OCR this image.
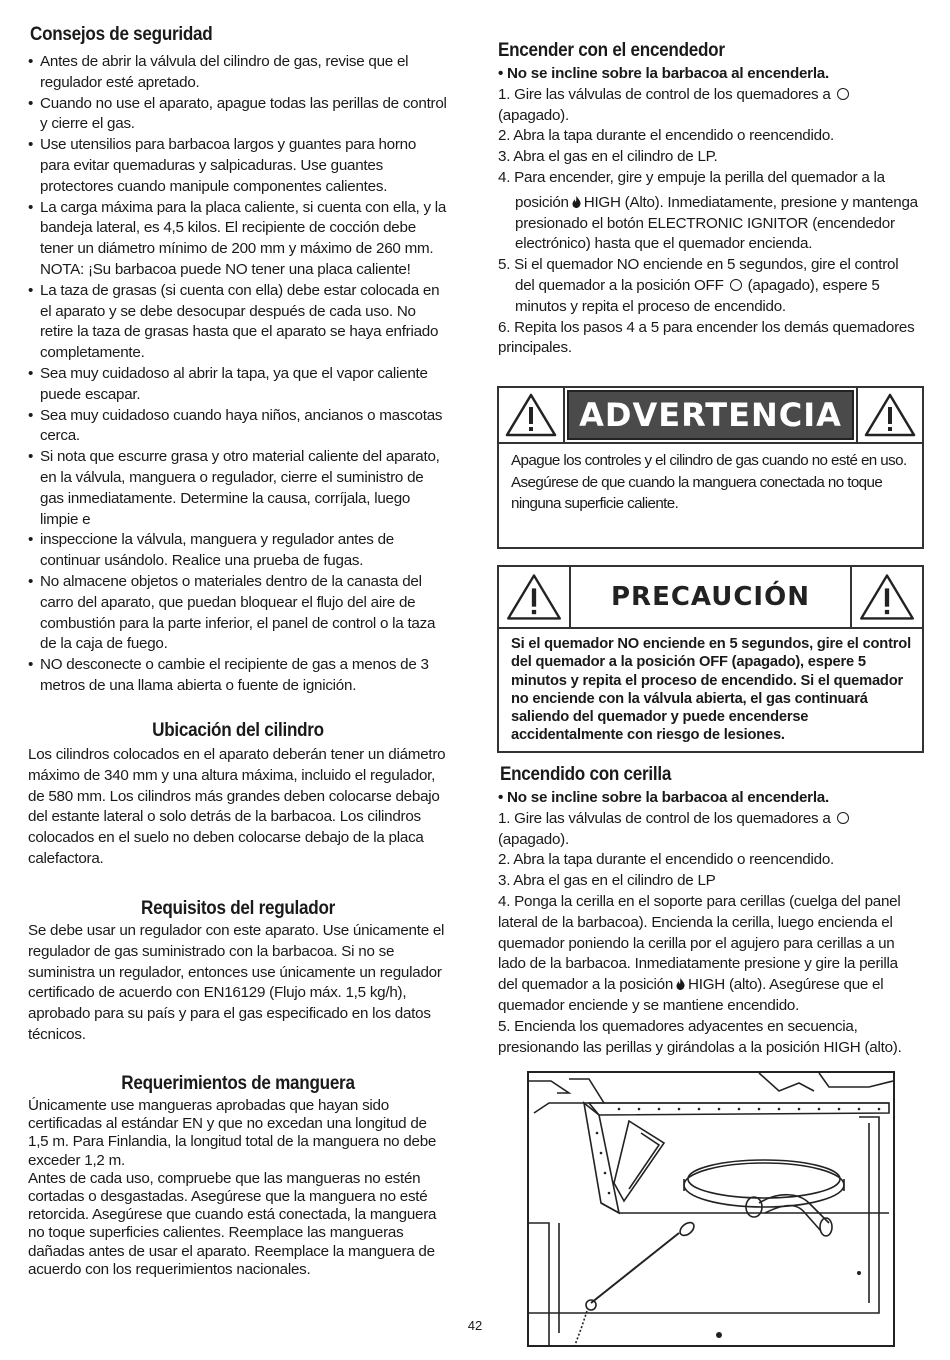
Consejos de seguridad
• Antes de abrir la válvula del cilindro de gas, revise que el regulador esté apretado.
• Cuando no use el aparato, apague todas las perillas de control y cierre el gas.
• Use utensilios para barbacoa largos y guantes para horno para evitar quemaduras y salpicaduras. Use guantes protectores cuando manipule componentes calientes.
• La carga máxima para la placa caliente, si cuenta con ella, y la bandeja lateral, es 4,5 kilos. El recipiente de cocción debe tener un diámetro mínimo de 200 mm y máximo de 260 mm. NOTA: ¡Su barbacoa puede NO tener una placa caliente!
• La taza de grasas (si cuenta con ella) debe estar colocada en el aparato y se debe desocupar después de cada uso. No retire la taza de grasas hasta que el aparato se haya enfriado completamente.
• Sea muy cuidadoso al abrir la tapa, ya que el vapor caliente puede escapar.
• Sea muy cuidadoso cuando haya niños, ancianos o mascotas cerca.
• Si nota que escurre grasa y otro material caliente del aparato, en la válvula, manguera o regulador, cierre el suministro de gas inmediatamente. Determine la causa, corríjala, luego limpie e
• inspeccione la válvula, manguera y regulador antes de continuar usándolo. Realice una prueba de fugas.
• No almacene objetos o materiales dentro de la canasta del carro del aparato, que puedan bloquear el flujo del aire de combustión para la parte inferior, el panel de control o la taza de la caja de fuego.
• NO desconecte o cambie el recipiente de gas a menos de 3 metros de una llama abierta o fuente de ignición.
Ubicación del cilindro

Los cilindros colocados en el aparato deberán tener un diámetro máximo de 340 mm y una altura máxima, incluido el regulador, de 580 mm. Los cilindros más grandes deben colocarse debajo del estante lateral o solo detrás de la barbacoa. Los cilindros colocados en el suelo no deben colocarse debajo de la placa calefactora.

Requisitos del regulador

Se debe usar un regulador con este aparato. Use únicamente el regulador de gas suministrado con la barbacoa. Si no se suministra un regulador, entonces use únicamente un regulador certificado de acuerdo con EN16129 (Flujo máx. 1,5 kg/h), aprobado para su país y para el gas especificado en los datos técnicos.

Requerimientos de manguera

Únicamente use mangueras aprobadas que hayan sido certificadas al estándar EN y que no excedan una longitud de 1,5 m. Para Finlandia, la longitud total de la manguera no debe exceder 1,2 m.

Antes de cada uso, compruebe que las mangueras no estén cortadas o desgastadas. Asegúrese que la manguera no esté retorcida. Asegúrese que cuando está conectada, la manguera no toque superficies calientes. Reemplace las mangueras dañadas antes de usar el aparato. Reemplace la manguera de acuerdo con los requerimientos nacionales.

Encender con el encendedor

• No se incline sobre la barbacoa al encenderla.

1. Gire las válvulas de control de los quemadores a
(apagado).

2. Abra la tapa durante el encendido o reencendido.

3. Abra el gas en el cilindro de LP.

4. Para encender, gire y empuje la perilla del quemador a la

posición HIGH (Alto). Inmediatamente, presione y mantenga presionado el botón ELECTRONIC IGNITOR (encendedor electrónico) hasta que el quemador encienda.

5. Si el quemador NO enciende en 5 segundos, gire el control del quemador a la posición OFF (apagado), espere 5 minutos y repita el proceso de encendido.

6. Repita los pasos 4 a 5 para encender los demás quemadores principales.

ADVERTENCIA
Apague los controles y el cilindro de gas cuando no esté en uso.
Asegúrese de que cuando la manguera conectada no toque ninguna superficie caliente.
PRECAUCIÓN
Si el quemador NO enciende en 5 segundos, gire el control del quemador a la posición OFF (apagado), espere 5 minutos y repita el proceso de encendido. Si el quemador no enciende con la válvula abierta, el gas continuará saliendo del quemador y puede encenderse accidentalmente con riesgo de lesiones.
Encendido con cerilla

• No se incline sobre la barbacoa al encenderla.

1. Gire las válvulas de control de los quemadores a
(apagado).

2. Abra la tapa durante el encendido o reencendido.

3. Abra el gas en el cilindro de LP

4. Ponga la cerilla en el soporte para cerillas (cuelga del panel lateral de la barbacoa). Encienda la cerilla, luego encienda el quemador poniendo la cerilla por el agujero para cerillas a un lado de la barbacoa. Inmediatamente presione y gire la perilla del quemador a la posición HIGH (alto). Asegúrese que el quemador enciende y se mantiene encendido.

5. Encienda los quemadores adyacentes en secuencia, presionando las perillas y girándolas a la posición HIGH (alto).

42
